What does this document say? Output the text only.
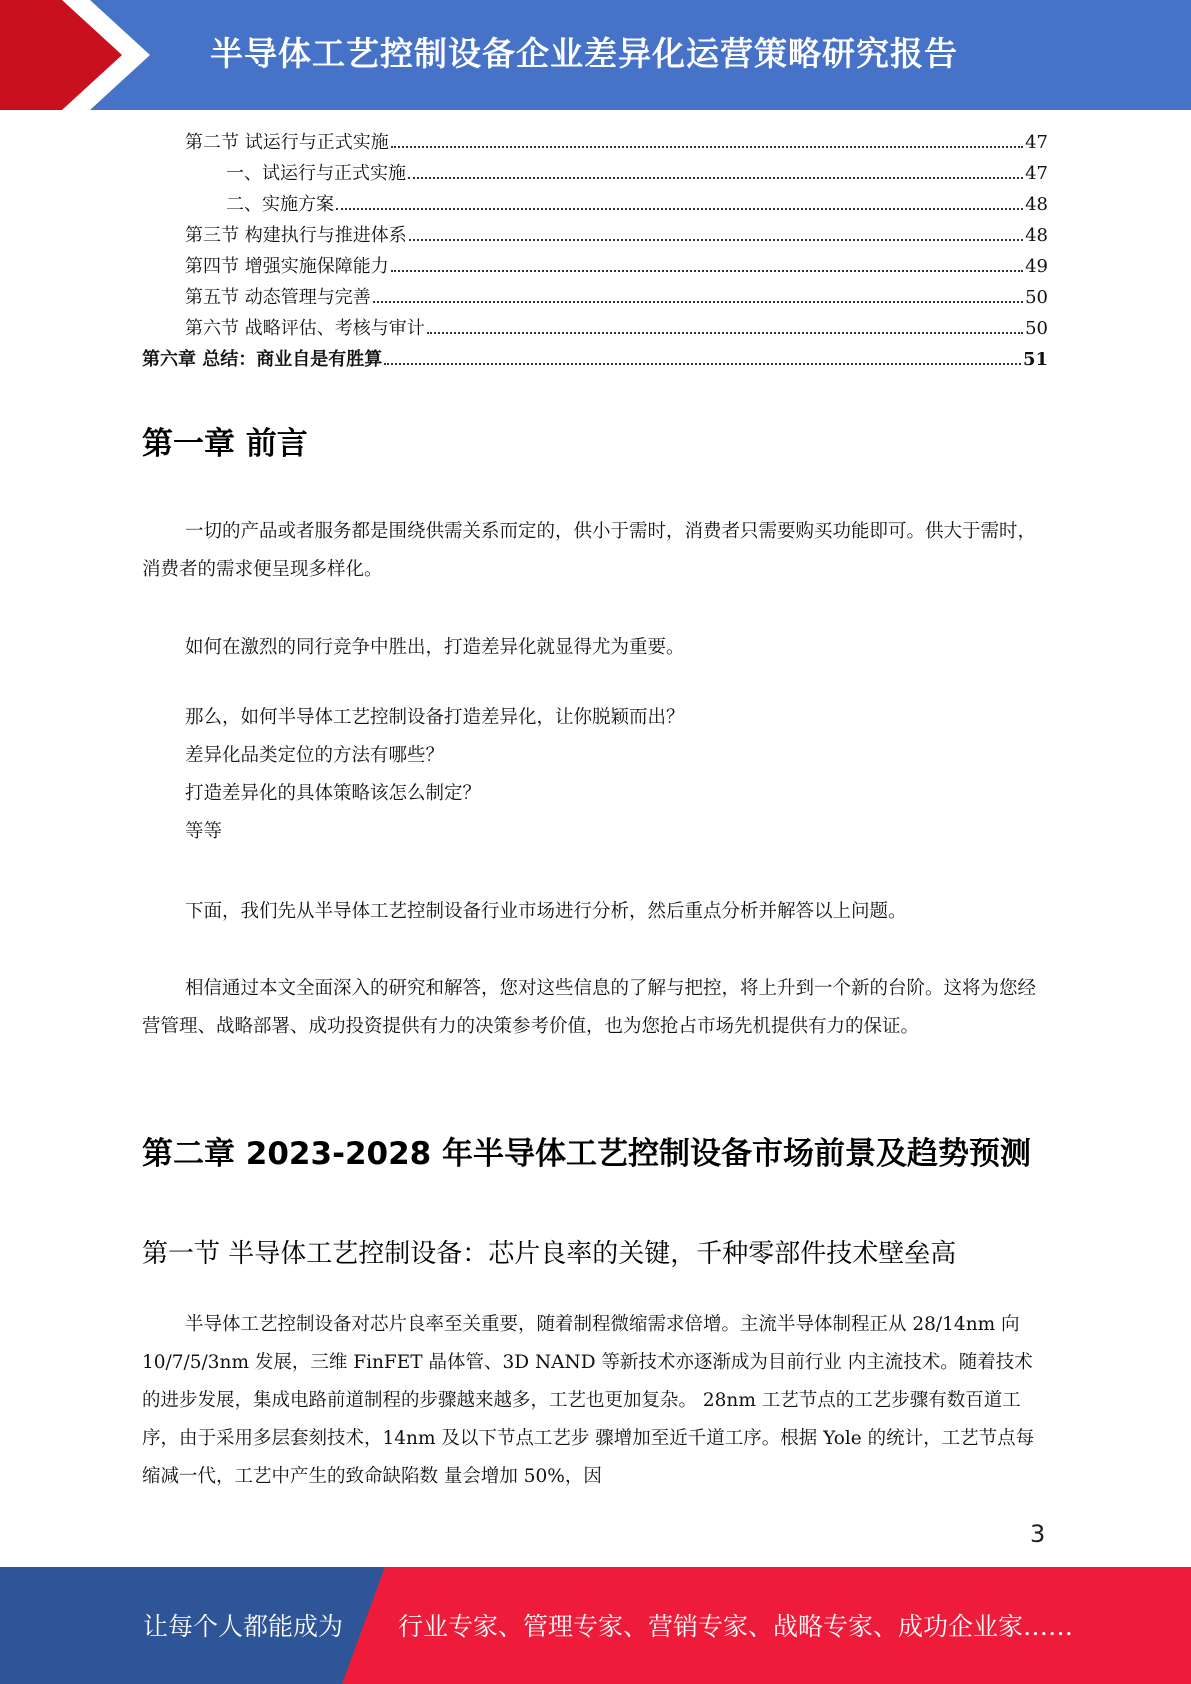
半导体工艺控制设备企业差异化运营策略研究报告
第二节 试运行与正式实施	47
一、试运行与正式实施	47
二、实施方案	48
第三节 构建执行与推进体系	48
第四节 增强实施保障能力	49
第五节 动态管理与完善	50
第六节 战略评估、考核与审计	50
第六章 总结：商业自是有胜算	51
第一章 前言
一切的产品或者服务都是围绕供需关系而定的，供小于需时，消费者只需要购买功能即可。供大于需时，消费者的需求便呈现多样化。
如何在激烈的同行竞争中胜出，打造差异化就显得尤为重要。
那么，如何半导体工艺控制设备打造差异化，让你脱颖而出？
差异化品类定位的方法有哪些？
打造差异化的具体策略该怎么制定？
等等
下面，我们先从半导体工艺控制设备行业市场进行分析，然后重点分析并解答以上问题。
相信通过本文全面深入的研究和解答，您对这些信息的了解与把控，将上升到一个新的台阶。这将为您经营管理、战略部署、成功投资提供有力的决策参考价值，也为您抢占市场先机提供有力的保证。
第二章 2023-2028 年半导体工艺控制设备市场前景及趋势预测
第一节 半导体工艺控制设备：芯片良率的关键，千种零部件技术壁垒高
半导体工艺控制设备对芯片良率至关重要，随着制程微缩需求倍增。主流半导体制程正从 28/14nm 向 10/7/5/3nm 发展，三维 FinFET 晶体管、3D NAND 等新技术亦逐渐成为目前行业 内主流技术。随着技术的进步发展，集成电路前道制程的步骤越来越多，工艺也更加复杂。 28nm 工艺节点的工艺步骤有数百道工序，由于采用多层套刻技术，14nm 及以下节点工艺步 骤增加至近千道工序。根据 Yole 的统计，工艺节点每缩减一代，工艺中产生的致命缺陷数 量会增加 50%，因
3
让每个人都能成为 行业专家、管理专家、营销专家、战略专家、成功企业家……
